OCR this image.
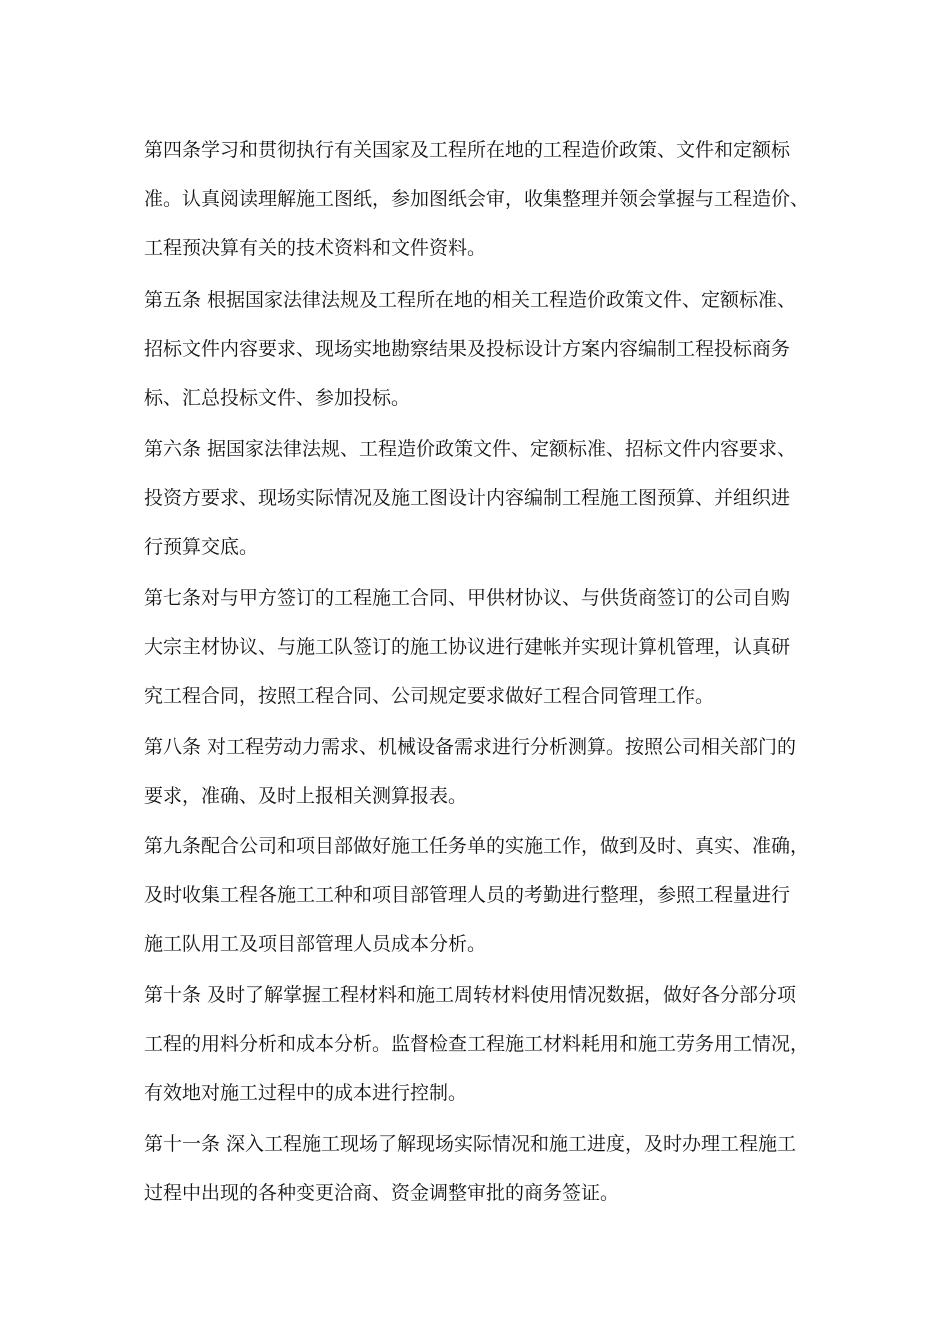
第四条学习和贯彻执行有关国家及工程所在地的工程造价政策、文件和定额标
准。认真阅读理解施工图纸，参加图纸会审，收集整理并领会掌握与工程造价、
工程预决算有关的技术资料和文件资料。
第五条 根据国家法律法规及工程所在地的相关工程造价政策文件、定额标准、
招标文件内容要求、现场实地勘察结果及投标设计方案内容编制工程投标商务
标、汇总投标文件、参加投标。
第六条 据国家法律法规、工程造价政策文件、定额标准、招标文件内容要求、
投资方要求、现场实际情况及施工图设计内容编制工程施工图预算、并组织进
行预算交底。
第七条对与甲方签订的工程施工合同、甲供材协议、与供货商签订的公司自购
大宗主材协议、与施工队签订的施工协议进行建帐并实现计算机管理，认真研
究工程合同，按照工程合同、公司规定要求做好工程合同管理工作。
第八条 对工程劳动力需求、机械设备需求进行分析测算。按照公司相关部门的
要求，准确、及时上报相关测算报表。
第九条配合公司和项目部做好施工任务单的实施工作，做到及时、真实、准确，
及时收集工程各施工工种和项目部管理人员的考勤进行整理，参照工程量进行
施工队用工及项目部管理人员成本分析。
第十条 及时了解掌握工程材料和施工周转材料使用情况数据，做好各分部分项
工程的用料分析和成本分析。监督检查工程施工材料耗用和施工劳务用工情况，
有效地对施工过程中的成本进行控制。
第十一条 深入工程施工现场了解现场实际情况和施工进度，及时办理工程施工
过程中出现的各种变更洽商、资金调整审批的商务签证。
